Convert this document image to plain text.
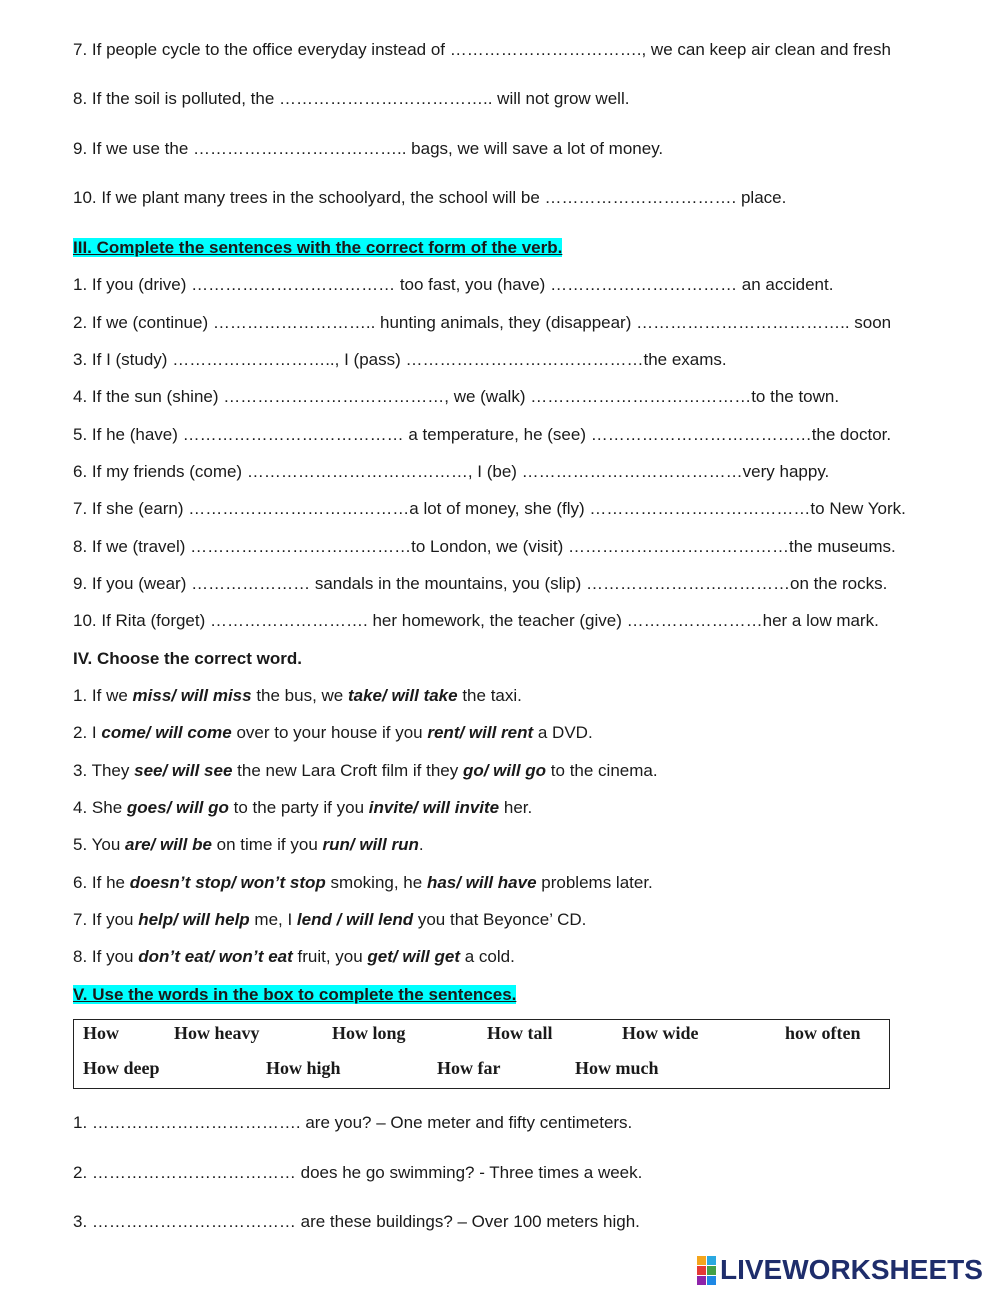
7. If people cycle to the office everyday instead of ……………………………., we can keep air clean and fresh
8. If the soil is polluted, the ……………………………….. will not grow well.
9. If we use the ……………………………….. bags, we will save a lot of money.
10. If we plant many trees in the schoolyard, the school will be ……………………………. place.
III. Complete the sentences with the correct form of the verb.
1. If you (drive) ……………………………… too fast, you (have) …………………………… an accident.
2. If we (continue) ……………………….. hunting animals, they (disappear) ……………………………….. soon
3. If I (study) ……………………….., I (pass) ……………………………………the exams.
4. If the sun (shine) …………………………………, we (walk) …………………………………to the town.
5. If he (have) ………………………………… a temperature, he (see) …………………………………the doctor.
6. If my friends (come) …………………………………, I (be) …………………………………very happy.
7. If she (earn) …………………………………a lot of money, she (fly) …………………………………to New York.
8. If we (travel) …………………………………to London, we (visit) …………………………………the museums.
9. If you (wear) ………………… sandals in the mountains, you (slip) ………………………………on the rocks.
10. If Rita (forget) ………………………. her homework, the teacher (give) ……………………her a low mark.
IV. Choose the correct word.
1. If we miss/ will miss the bus, we take/ will take the taxi.
2. I come/ will come over to your house if you rent/ will rent a DVD.
3. They see/ will see the new Lara Croft film if they go/ will go to the cinema.
4. She goes/ will go to the party if you invite/ will invite her.
5. You are/ will be on time if you run/ will run.
6. If he doesn’t stop/ won’t stop smoking, he has/ will have problems later.
7. If you help/ will help me, I lend / will lend you that Beyonce’ CD.
8. If you don’t eat/ won’t eat fruit, you get/ will get a cold.
V. Use the words in the box to complete the sentences.
How	How heavy	How long	How tall	How wide	how often
How deep	How high	How far	How much
1. ………………………………. are you? – One meter and fifty centimeters.
2. ……………………………… does he go swimming? - Three times a week.
3. ……………………………… are these buildings? – Over 100 meters high.
LIVEWORKSHEETS
